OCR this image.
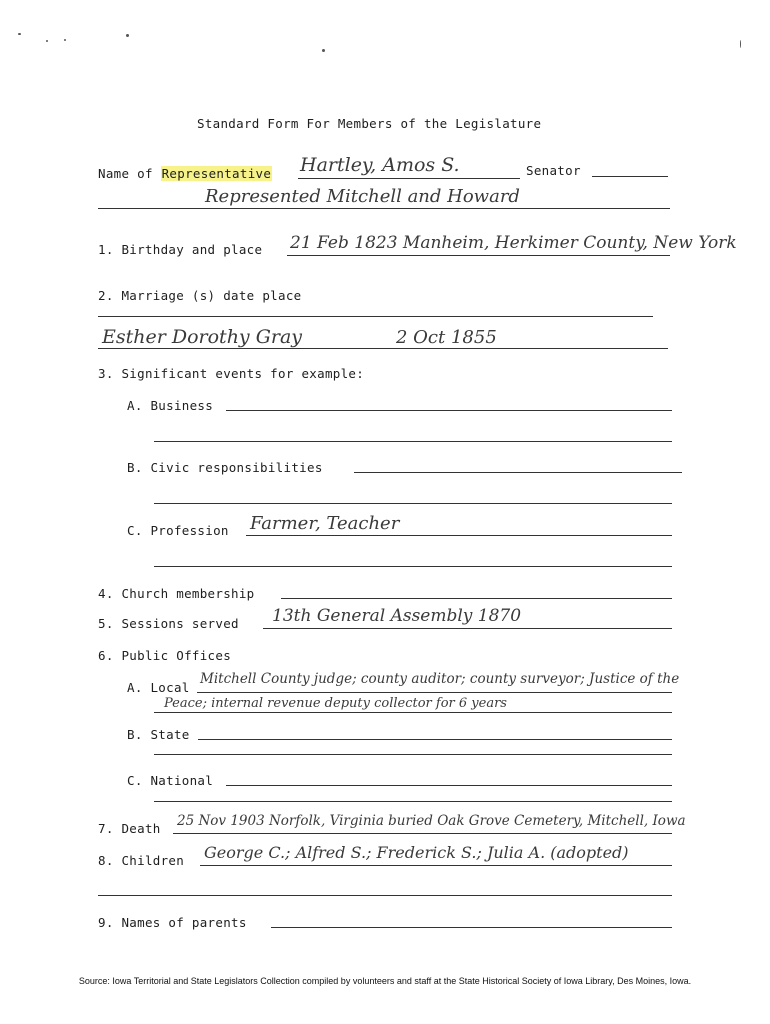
Standard Form For Members of the Legislature
Name of Representative Hartley, Amos S.	Senator
Represented Mitchell and Howard
1. Birthday and place 21 Feb 1823 Manheim, Herkimer County, New York
2. Marriage (s) date place
Esther Dorothy Gray	2 Oct 1855
3. Significant events for example:
A. Business
B. Civic responsibilities
C. Profession Farmer, Teacher
4. Church membership
5. Sessions served 13th General Assembly 1870
6. Public Offices
A. Local
Mitchell County judge; county auditor; county surveyor; Justice of the
Peace; internal revenue deputy collector for 6 years
B. State
C. National
7. Death 25 Nov 1903 Norfolk, Virginia buried Oak Grove Cemetery, Mitchell, Iowa
8. Children George C.; Alfred S.; Frederick S.; Julia A. (adopted)
9. Names of parents
Source: Iowa Territorial and State Legislators Collection compiled by volunteers and staff at the State Historical Society of Iowa Library, Des Moines, Iowa.
